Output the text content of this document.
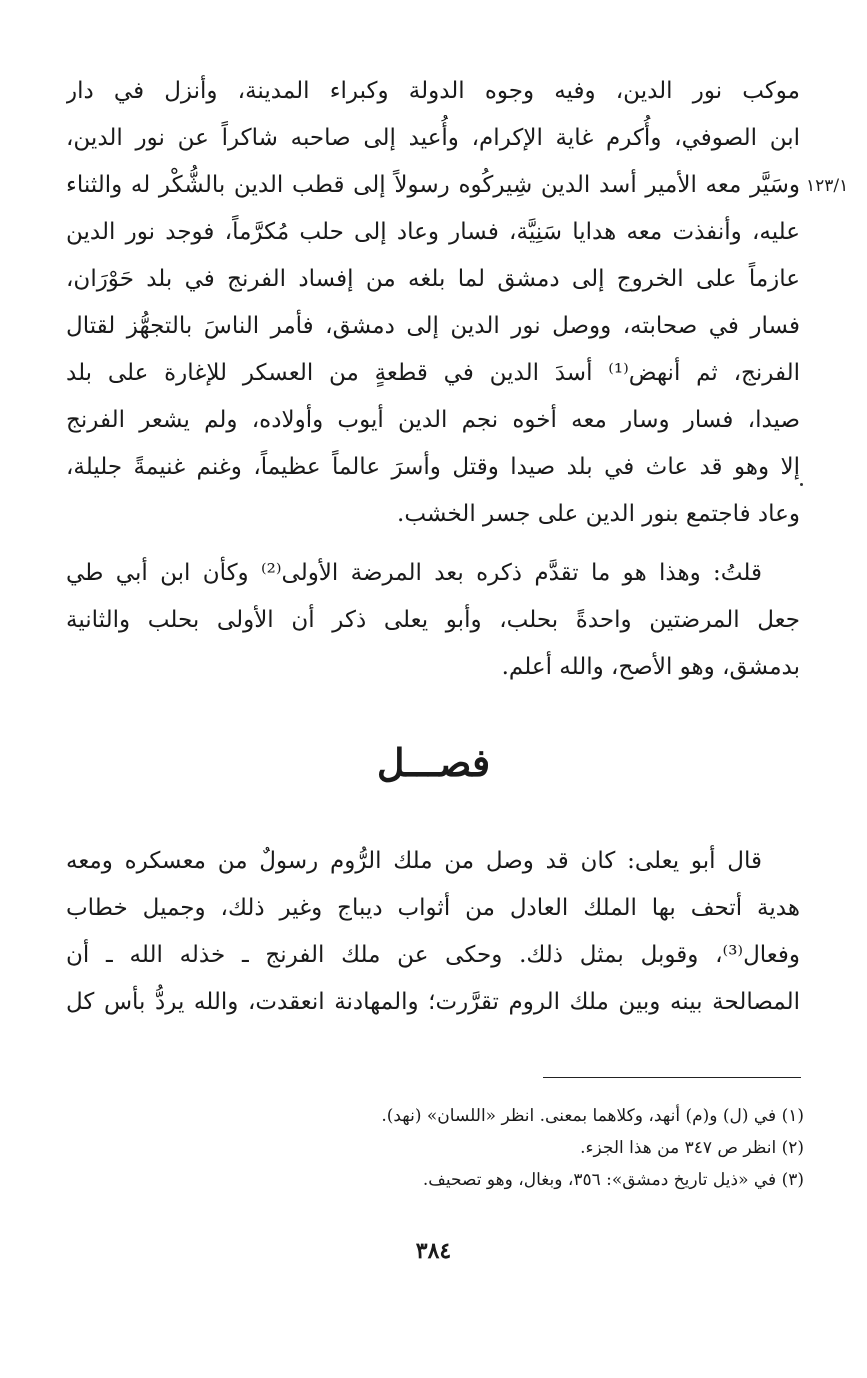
١٢٣/١
موكب نور الدين، وفيه وجوه الدولة وكبراء المدينة، وأنزل في دار
ابن الصوفي، وأُكرم غاية الإكرام، وأُعيد إلى صاحبه شاكراً عن نور الدين،
وسَيَّر معه الأمير أسد الدين شِيركُوه رسولاً إلى قطب الدين بالشُّكْر له والثناء
عليه، وأنفذت معه هدايا سَنِيَّة، فسار وعاد إلى حلب مُكرَّماً، فوجد نور الدين
عازماً على الخروج إلى دمشق لما بلغه من إفساد الفرنج في بلد حَوْرَان،
فسار في صحابته، ووصل نور الدين إلى دمشق، فأمر الناسَ بالتجهُّز لقتال
الفرنج، ثم أنهض⁽¹⁾ أسدَ الدين في قطعةٍ من العسكر للإغارة على بلد
صيدا، فسار وسار معه أخوه نجم الدين أيوب وأولاده، ولم يشعر الفرنج
إلا وهو قد عاث في بلد صيدا وقتل وأسرَ عالماً عظيماً، وغنم غنيمةً جليلة،
وعاد فاجتمع بنور الدين على جسر الخشب.
قلتُ: وهذا هو ما تقدَّم ذكره بعد المرضة الأولى⁽²⁾ وكأن ابن أبي طي
جعل المرضتين واحدةً بحلب، وأبو يعلى ذكر أن الأولى بحلب والثانية
بدمشق، وهو الأصح، والله أعلم.
فصـــل
قال أبو يعلى: كان قد وصل من ملك الرُّوم رسولٌ من معسكره ومعه
هدية أتحف بها الملك العادل من أثواب ديباج وغير ذلك، وجميل خطاب
وفعال⁽³⁾، وقوبل بمثل ذلك. وحكى عن ملك الفرنج ـ خذله الله ـ أن
المصالحة بينه وبين ملك الروم تقرَّرت؛ والمهادنة انعقدت، والله يردُّ بأس كل
(١) في (ل) و(م) أنهد، وكلاهما بمعنى. انظر «اللسان» (نهد).
(٢) انظر ص ٣٤٧ من هذا الجزء.
(٣) في «ذيل تاريخ دمشق»: ٣٥٦، وبغال، وهو تصحيف.
٣٨٤
